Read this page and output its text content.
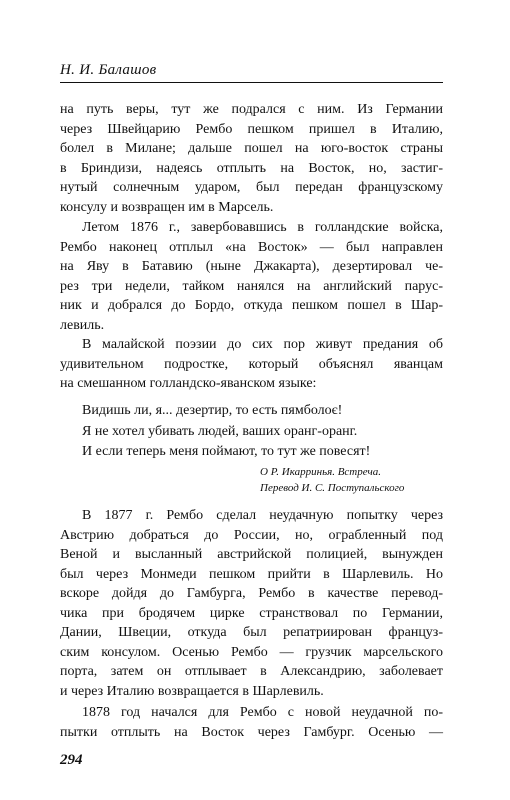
Н. И. Балашов
на путь веры, тут же подрался с ним. Из Германии
через Швейцарию Рембо пешком пришел в Италию,
болел в Милане; дальше пошел на юго-восток страны
в Бриндизи, надеясь отплыть на Восток, но, застиг-
нутый солнечным ударом, был передан французскому
консулу и возвращен им в Марсель.
Летом 1876 г., завербовавшись в голландские войска,
Рембо наконец отплыл «на Восток» — был направлен
на Яву в Батавию (ныне Джакарта), дезертировал че-
рез три недели, тайком нанялся на английский парус-
ник и добрался до Бордо, откуда пешком пошел в Шар-
левиль.
В малайской поэзии до сих пор живут предания об
удивительном подростке, который объяснял яванцам
на смешанном голландско-яванском языке:
Видишь ли, я... дезертир, то есть пямболоє!
Я не хотел убивать людей, ваших оранг-оранг.
И если теперь меня поймают, то тут же повесят!
О Р. Икарринья. Встреча.
Перевод И. С. Поступальского
В 1877 г. Рембо сделал неудачную попытку через
Австрию добраться до России, но, ограбленный под
Веной и высланный австрийской полицией, вынужден
был через Монмеди пешком прийти в Шарлевиль. Но
вскоре дойдя до Гамбурга, Рембо в качестве перевод-
чика при бродячем цирке странствовал по Германии,
Дании, Швеции, откуда был репатриирован француз-
ским консулом. Осенью Рембо — грузчик марсельского
порта, затем он отплывает в Александрию, заболевает
и через Италию возвращается в Шарлевиль.
1878 год начался для Рембо с новой неудачной по-
пытки отплыть на Восток через Гамбург. Осенью —
294
